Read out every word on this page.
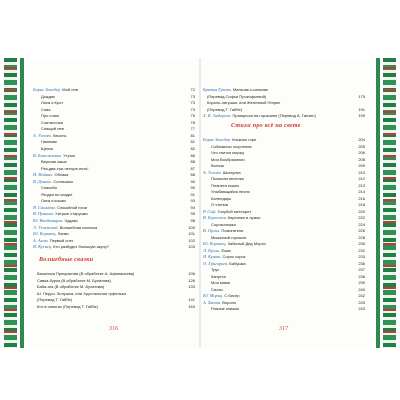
Борис Заходер. Мой лев	72
Дождик	73
Лиса и Крот	73
Сова	73
Про сома	75
Считалочка	76
Спящий лев	77
А. Усачёв. Хвосты	81
Гимнмяк	81
Щенок	82
В. Капельченко. Утром	86
Вкусная каша	88
Раз-два-три-четыре-пять!	87
И. Найяно. Облака	88
В. Данько. Солнышко	90
Спасибо	90
Ягодка по ягодке	91
Лиса и кошки	93
Я. Сашнёва. Спокойной ночи	94
В. Пуниша. Хитрые старушки	95
Ю. Владимиров. Чудаки	98
Э. Успенский. Волшебная палочка	100
Ю. Коринец. Лапки	101
А. Ахим. Первый снег	102
Я. Куснец. Кто разбудит большую акулу?	103
Волшебные сказки
Василиса Прекрасная (В обработке А. Афанасьева)	106
Сивка-бурка (В обработке М. Булатова)	126
Баба-яга (В обработке М. Булатова)	133
Ш. Перро. Золушка, или Хрустальная туфелька
(Перевод Т. Габбе)	141
Кот в сапогах (Перевод Т. Габбе)	163
316
Братья Гримм. Мальчик-с-пальчик
(Перевод Софьи Прокофьевой)	175
Король-лягушка, или Железный Генрих
(Перевод Т. Габбе)	191
Х. К. Андерсен. Принцесса на горошине (Перевод А. Ганзен)	199
Стихи про всё на свете
Борис Заходер. Кискино горе	204
Собачкины огорчения	205
Что снится моржу	206
Мои Вообразилии	208
Волчок	209
А. Усачёв. Шкатулка	210
Пыльная песенка	212
Планета кошек	213
Улыбающийся песня	214
Календарь	216
О чтении	218
Р. Сеф. Голубой метеорит	220
В. Берестов. Картинки в лужах	222
Сороконожка	224
В. Орлов. Помогатели	226
Мышиный горошек	228
Ю. Коринец. Забытый Дед Мороз	230
Л. Кроль. Ёжик	232
Я. Кушак. Сорок сорок	233
О. Григорьев. Бабушка	236
Трус	237
Капуста	238
Моя мама	239
Силач	240
Ю. Мориц. С Бесер	242
А. Хвата. Вороно	243
Разные книжки	243
317
